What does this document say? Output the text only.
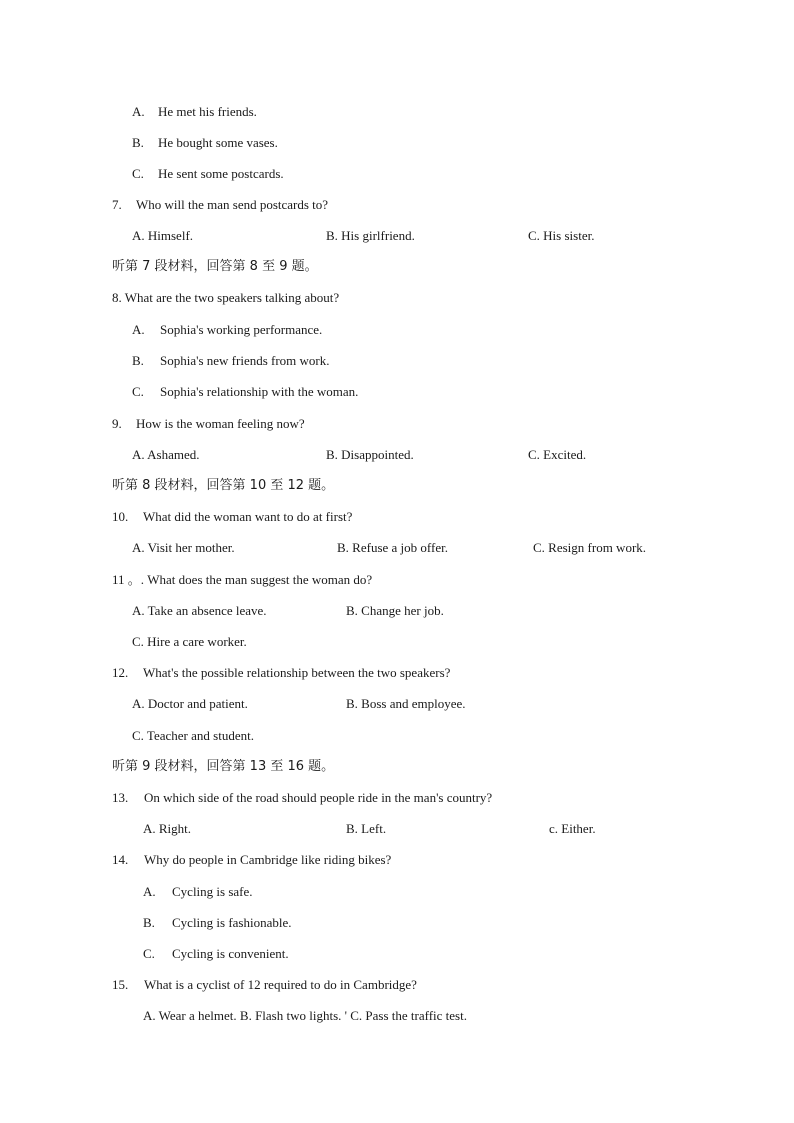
A. He met his friends.
B. He bought some vases.
C. He sent some postcards.
7. Who will the man send postcards to?
A. Himself.	B. His girlfriend.	C. His sister.
听第 7 段材料，回答第 8 至 9 题。
8. What are the two speakers talking about?
A. Sophia's working performance.
B. Sophia's new friends from work.
C. Sophia's relationship with the woman.
9. How is the woman feeling now?
A. Ashamed.	B. Disappointed.	C. Excited.
听第 8 段材料，回答第 10 至 12 题。
10. What did the woman want to do at first?
A. Visit her mother.	B. Refuse a job offer.	C. Resign from work.
11 。. What does the man suggest the woman do?
A. Take an absence leave.	B. Change her job.
C. Hire a care worker.
12. What's the possible relationship between the two speakers?
A. Doctor and patient.	B. Boss and employee.
C. Teacher and student.
听第 9 段材料，回答第 13 至 16 题。
13. On which side of the road should people ride in the man's country?
A. Right.	B. Left.	c. Either.
14. Why do people in Cambridge like riding bikes?
A. Cycling is safe.
B. Cycling is fashionable.
C. Cycling is convenient.
15. What is a cyclist of 12 required to do in Cambridge?
A. Wear a helmet. B. Flash two lights. ' C. Pass the traffic test.
